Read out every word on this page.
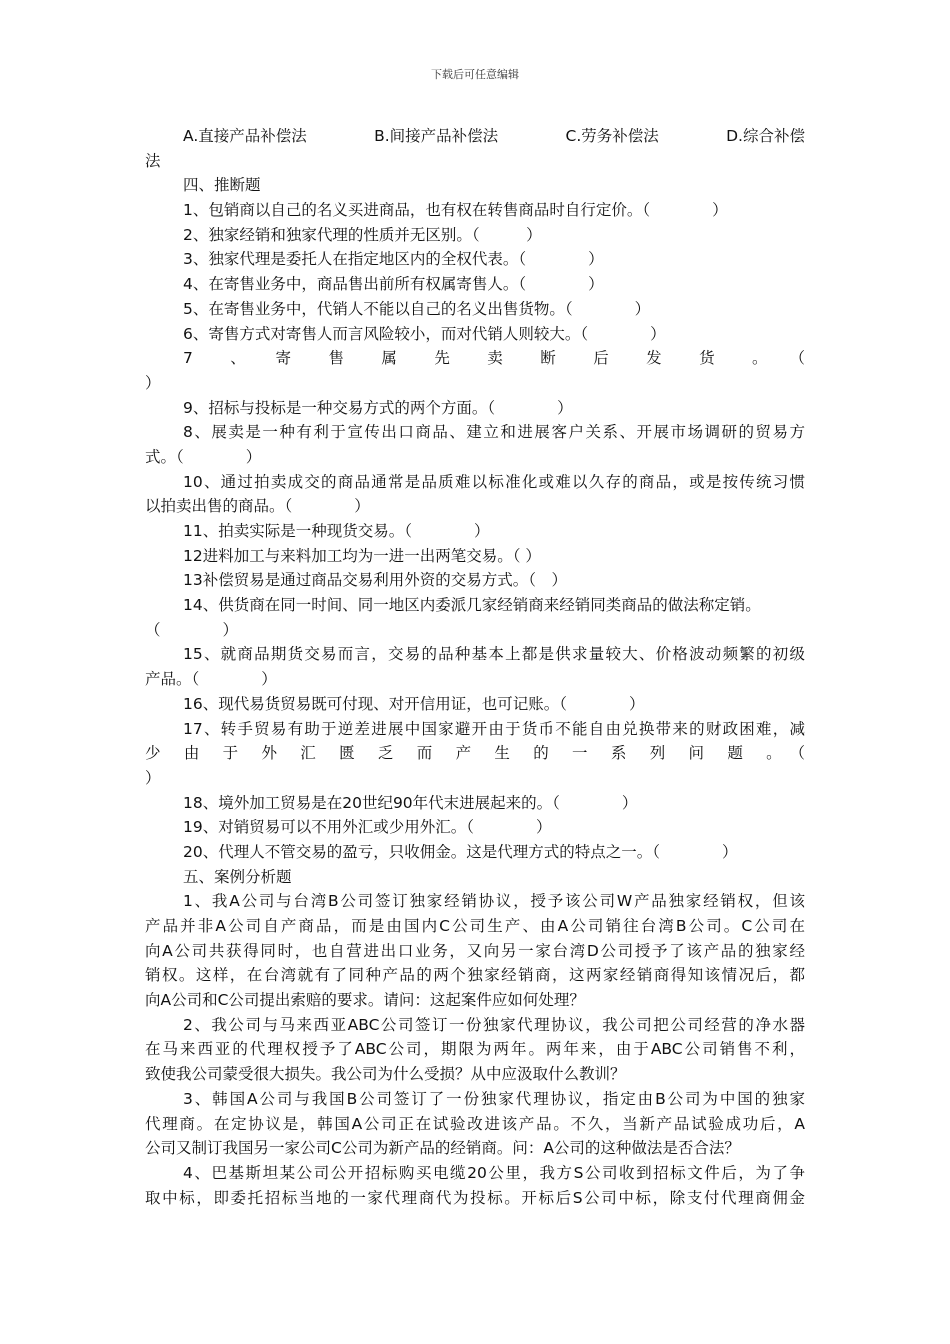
下载后可任意编辑
A.直接产品补偿法	B.间接产品补偿法	C.劳务补偿法	D.综合补偿
法
四、推断题
1、包销商以自己的名义买进商品，也有权在转售商品时自行定价。（　　　　）
2、独家经销和独家代理的性质并无区别。（　　　）
3、独家代理是委托人在指定地区内的全权代表。（　　　　）
4、在寄售业务中，商品售出前所有权属寄售人。（　　　　）
5、在寄售业务中，代销人不能以自己的名义出售货物。（　　　　）
6、寄售方式对寄售人而言风险较小，而对代销人则较大。（　　　　）
7　、　寄　售　属　先　卖　断　后　发　货　。　（
）
9、招标与投标是一种交易方式的两个方面。（　　　　）
8、展卖是一种有利于宣传出口商品、建立和进展客户关系、开展市场调研的贸易方
式。（　　　　）
10、通过拍卖成交的商品通常是品质难以标准化或难以久存的商品，或是按传统习惯
以拍卖出售的商品。（　　　　）
11、拍卖实际是一种现货交易。（　　　　）
12进料加工与来料加工均为一进一出两笔交易。（ ）
13补偿贸易是通过商品交易利用外资的交易方式。（　）
14、供货商在同一时间、同一地区内委派几家经销商来经销同类商品的做法称定销。
（　　　　）
15、就商品期货交易而言，交易的品种基本上都是供求量较大、价格波动频繁的初级
产品。（　　　　）
16、现代易货贸易既可付现、对开信用证，也可记账。（　　　　）
17、转手贸易有助于逆差进展中国家避开由于货币不能自由兑换带来的财政困难，减
少　由　于　外　汇　匮　乏　而　产　生　的　一　系　列　问　题　。　（
）
18、境外加工贸易是在20世纪90年代末进展起来的。（　　　　）
19、对销贸易可以不用外汇或少用外汇。（　　　　）
20、代理人不管交易的盈亏，只收佣金。这是代理方式的特点之一。（　　　　）
五、案例分析题
1、我A公司与台湾B公司签订独家经销协议，授予该公司W产品独家经销权，但该
产品并非A公司自产商品，而是由国内C公司生产、由A公司销往台湾B公司。C公司在
向A公司共获得同时，也自营进出口业务，又向另一家台湾D公司授予了该产品的独家经
销权。这样，在台湾就有了同种产品的两个独家经销商，这两家经销商得知该情况后，都
向A公司和C公司提出索赔的要求。请问：这起案件应如何处理？
2、我公司与马来西亚ABC公司签订一份独家代理协议，我公司把公司经营的净水器
在马来西亚的代理权授予了ABC公司，期限为两年。两年来，由于ABC公司销售不利，
致使我公司蒙受很大损失。我公司为什么受损？从中应汲取什么教训？
3、韩国A公司与我国B公司签订了一份独家代理协议，指定由B公司为中国的独家
代理商。在定协议是，韩国A公司正在试验改进该产品。不久，当新产品试验成功后，A
公司又制订我国另一家公司C公司为新产品的经销商。问：A公司的这种做法是否合法？
4、巴基斯坦某公司公开招标购买电缆20公里，我方S公司收到招标文件后，为了争
取中标，即委托招标当地的一家代理商代为投标。开标后S公司中标，除支付代理商佣金
